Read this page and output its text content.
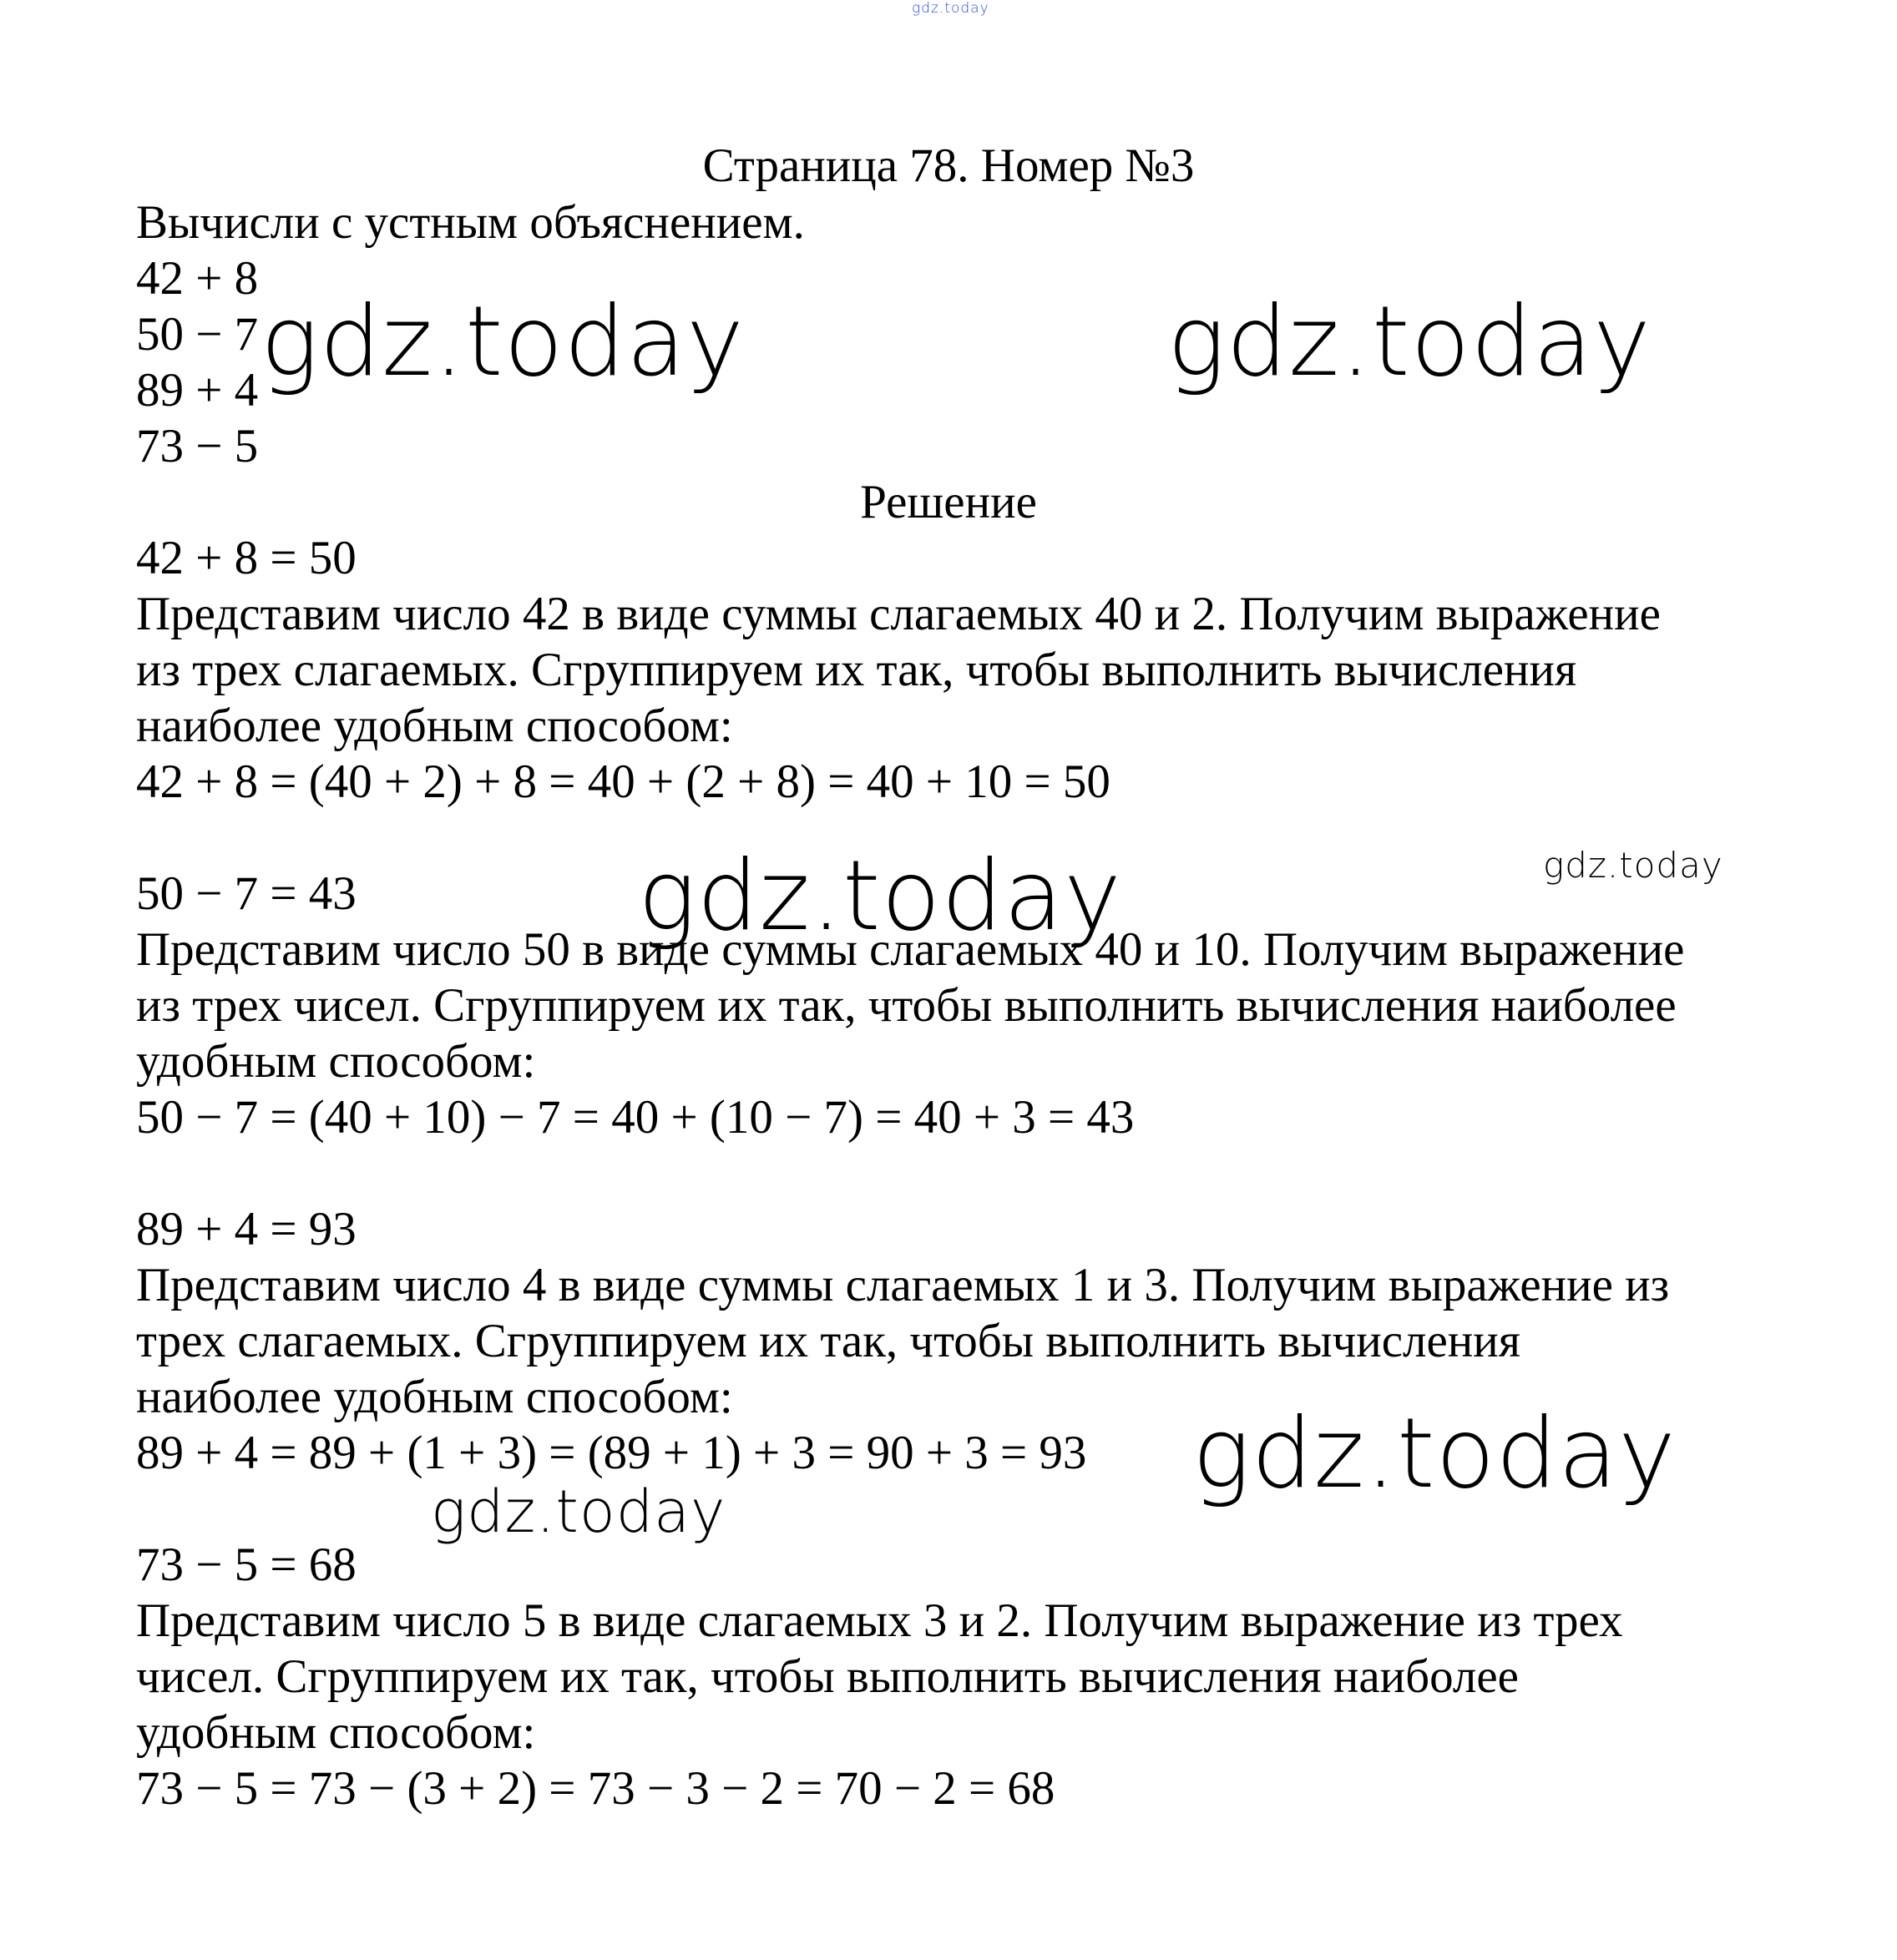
gdz.today
Страница 78. Номер №3

Вычисли с устным объяснением.

42 + 8

50 − 7

89 + 4

73 − 5

Решение

42 + 8 = 50

Представим число 42 в виде суммы слагаемых 40 и 2. Получим выражение

из трех слагаемых. Сгруппируем их так, чтобы выполнить вычисления

наиболее удобным способом:

42 + 8 = (40 + 2) + 8 = 40 + (2 + 8) = 40 + 10 = 50

50 − 7 = 43

Представим число 50 в виде суммы слагаемых 40 и 10. Получим выражение

из трех чисел. Сгруппируем их так, чтобы выполнить вычисления наиболее

удобным способом:

50 − 7 = (40 + 10) − 7 = 40 + (10 − 7) = 40 + 3 = 43

89 + 4 = 93

Представим число 4 в виде суммы слагаемых 1 и 3. Получим выражение из

трех слагаемых. Сгруппируем их так, чтобы выполнить вычисления

наиболее удобным способом:

89 + 4 = 89 + (1 + 3) = (89 + 1) + 3 = 90 + 3 = 93

73 − 5 = 68

Представим число 5 в виде слагаемых 3 и 2. Получим выражение из трех

чисел. Сгруппируем их так, чтобы выполнить вычисления наиболее

удобным способом:

73 − 5 = 73 − (3 + 2) = 73 − 3 − 2 = 70 − 2 = 68

gdz.today	gdz.today
gdz.today	gdz.today
gdz.today
gdz.today
